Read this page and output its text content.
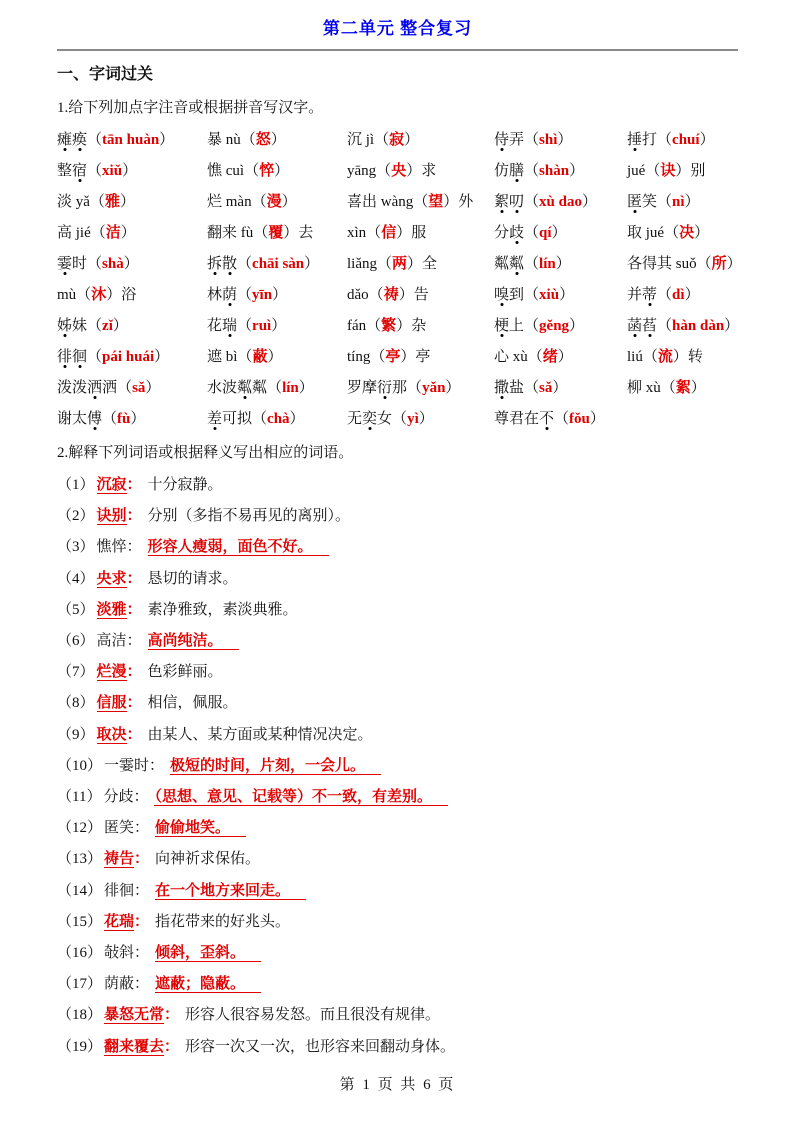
第二单元 整合复习
一、字词过关
1.给下列加点字注音或根据拼音写汉字。
瘫痪（tān huàn）	暴 nù（怒）	沉 jì（寂）	侍弄（shì）	捶打（chuí）
整宿（xiǔ）	憔 cuì（悴）	yāng（央）求	仿膳（shàn）	jué（诀）别
淡 yǎ（雅）	烂 màn（漫）	喜出 wàng（望）外	絮叨（xù dao）	匿笑（nì）
高 jié（洁）	翻来 fù（覆）去	xìn（信）服	分歧（qí）	取 jué（决）
霎时（shà）	拆散（chāi sàn）	liǎng（两）全	粼粼（lín）	各得其 suǒ（所）
mù（沐）浴	林荫（yīn）	dǎo（祷）告	嗅到（xiù）	并蒂（dì）
姊妹（zǐ）	花瑞（ruì）	fán（繁）杂	梗上（gěng）	菡萏（hàn dàn）
徘徊（pái huái）	遮 bì（蔽）	tíng（亭）亭	心 xù（绪）	liú（流）转
泼泼洒洒（sǎ）	水波粼粼（lín）	罗摩衍那（yǎn）	撒盐（sǎ）	柳 xù（絮）
谢太傅（fù）	差可拟（chà）	无奕女（yì）	尊君在不（fǒu）
2.解释下列词语或根据释义写出相应的词语。
（1） 沉寂： 十分寂静。
（2） 诀别： 分别（多指不易再见的离别）。
（3） 憔悴： 形容人瘦弱，面色不好。
（4） 央求： 恳切的请求。
（5） 淡雅： 素净雅致，素淡典雅。
（6） 高洁： 高尚纯洁。
（7） 烂漫： 色彩鲜丽。
（8） 信服： 相信，佩服。
（9） 取决： 由某人、某方面或某种情况决定。
（10） 一霎时： 极短的时间，片刻，一会儿。
（11） 分歧： （思想、意见、记载等）不一致，有差别。
（12） 匿笑： 偷偷地笑。
（13） 祷告： 向神祈求保佑。
（14） 徘徊： 在一个地方来回走。
（15） 花瑞： 指花带来的好兆头。
（16） 敧斜： 倾斜，歪斜。
（17） 荫蔽： 遮蔽；隐蔽。
（18） 暴怒无常： 形容人很容易发怒。而且很没有规律。
（19） 翻来覆去： 形容一次又一次，也形容来回翻动身体。
第 1 页 共 6 页
